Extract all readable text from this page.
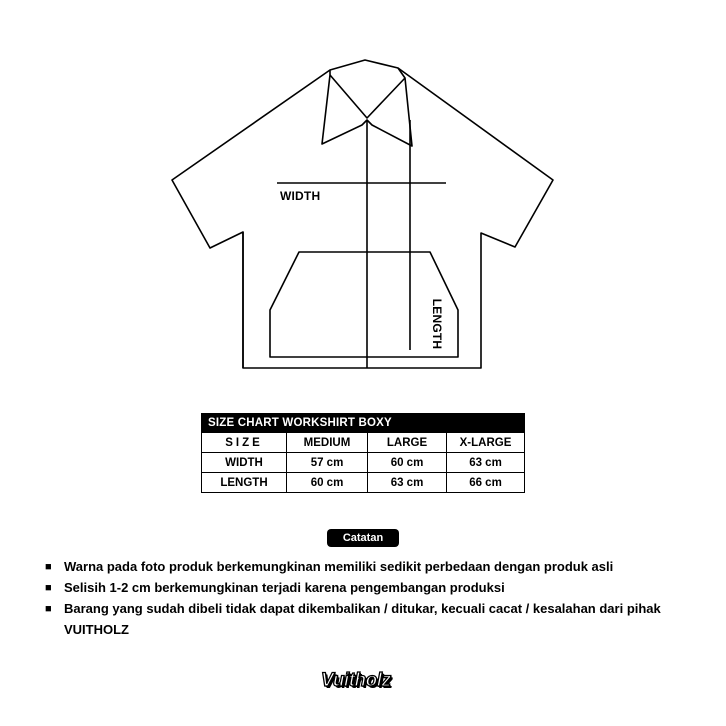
WIDTH
LENGTH
SIZE CHART WORKSHIRT BOXY			
SIZE	MEDIUM	LARGE	X-LARGE
WIDTH	57 cm	60 cm	63 cm
LENGTH	60 cm	63 cm	66 cm
Catatan
■ Warna pada foto produk berkemungkinan memiliki sedikit perbedaan dengan produk asli
■ Selisih 1-2 cm berkemungkinan terjadi karena pengembangan produksi
■ Barang yang sudah dibeli tidak dapat dikembalikan / ditukar, kecuali cacat / kesalahan dari pihak VUITHOLZ
Vuitholz
